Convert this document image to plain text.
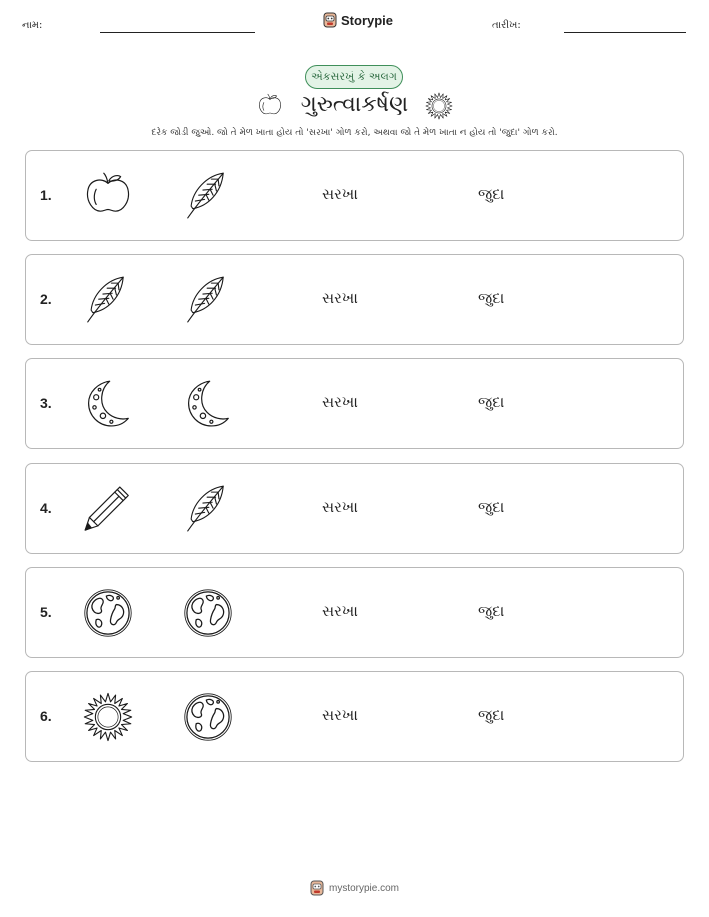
નામ:	Storypie	તારીખ:
એકસરખું કે અલગ
ગુરુત્વાકર્ષણ
દરેક જોડી જુઓ. જો તે મેળ ખાતા હોય તો 'સરખા' ગોળ કરો, અથવા જો તે મેળ ખાતા ન હોય તો 'જુદા' ગોળ કરો.
1.	સરખા	જુદા
2.	સરખા	જુદા
3.	સરખા	જુદા
4.	સરખા	જુદા
5.	સરખા	જુદા
6.	સરખા	જુદા
mystorypie.com
